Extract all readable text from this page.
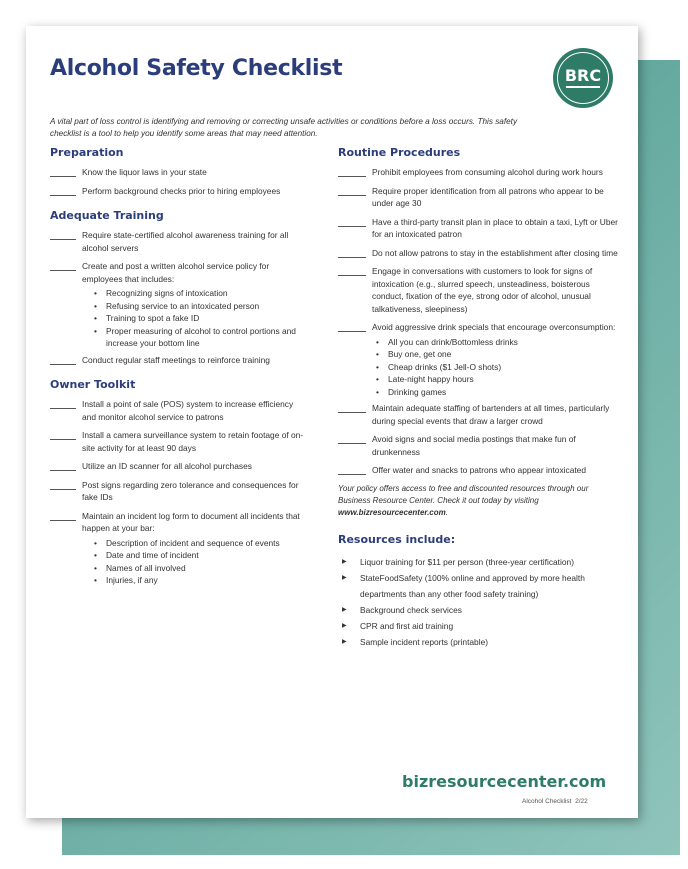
Alcohol Safety Checklist	BRC
A vital part of loss control is identifying and removing or correcting unsafe activities or conditions before a loss occurs. This safety checklist is a tool to help you identify some areas that may need attention.
Preparation
Know the liquor laws in your state
Perform background checks prior to hiring employees
Adequate Training
Require state-certified alcohol awareness training for all alcohol servers
Create and post a written alcohol service policy for employees that includes:
• Recognizing signs of intoxication
• Refusing service to an intoxicated person
• Training to spot a fake ID
• Proper measuring of alcohol to control portions and increase your bottom line
Conduct regular staff meetings to reinforce training
Owner Toolkit
Install a point of sale (POS) system to increase efficiency and monitor alcohol service to patrons
Install a camera surveillance system to retain footage of on-site activity for at least 90 days
Utilize an ID scanner for all alcohol purchases
Post signs regarding zero tolerance and consequences for fake IDs
Maintain an incident log form to document all incidents that happen at your bar:
• Description of incident and sequence of events
• Date and time of incident
• Names of all involved
• Injuries, if any
Routine Procedures
Prohibit employees from consuming alcohol during work hours
Require proper identification from all patrons who appear to be under age 30
Have a third-party transit plan in place to obtain a taxi, Lyft or Uber for an intoxicated patron
Do not allow patrons to stay in the establishment after closing time
Engage in conversations with customers to look for signs of intoxication (e.g., slurred speech, unsteadiness, boisterous conduct, fixation of the eye, strong odor of alcohol, unusual talkativeness, sleepiness)
Avoid aggressive drink specials that encourage overconsumption:
• All you can drink/Bottomless drinks
• Buy one, get one
• Cheap drinks ($1 Jell-O shots)
• Late-night happy hours
• Drinking games
Maintain adequate staffing of bartenders at all times, particularly during special events that draw a larger crowd
Avoid signs and social media postings that make fun of drunkenness
Offer water and snacks to patrons who appear intoxicated
Your policy offers access to free and discounted resources through our Business Resource Center. Check it out today by visiting www.bizresourcecenter.com.
Resources include:
▶	Liquor training for $11 per person (three-year certification)
▶	StateFoodSafety (100% online and approved by more health departments than any other food safety training)
▶	Background check services
▶	CPR and first aid training
▶	Sample incident reports (printable)
bizresourcecenter.com
Alcohol Checklist 2/22
